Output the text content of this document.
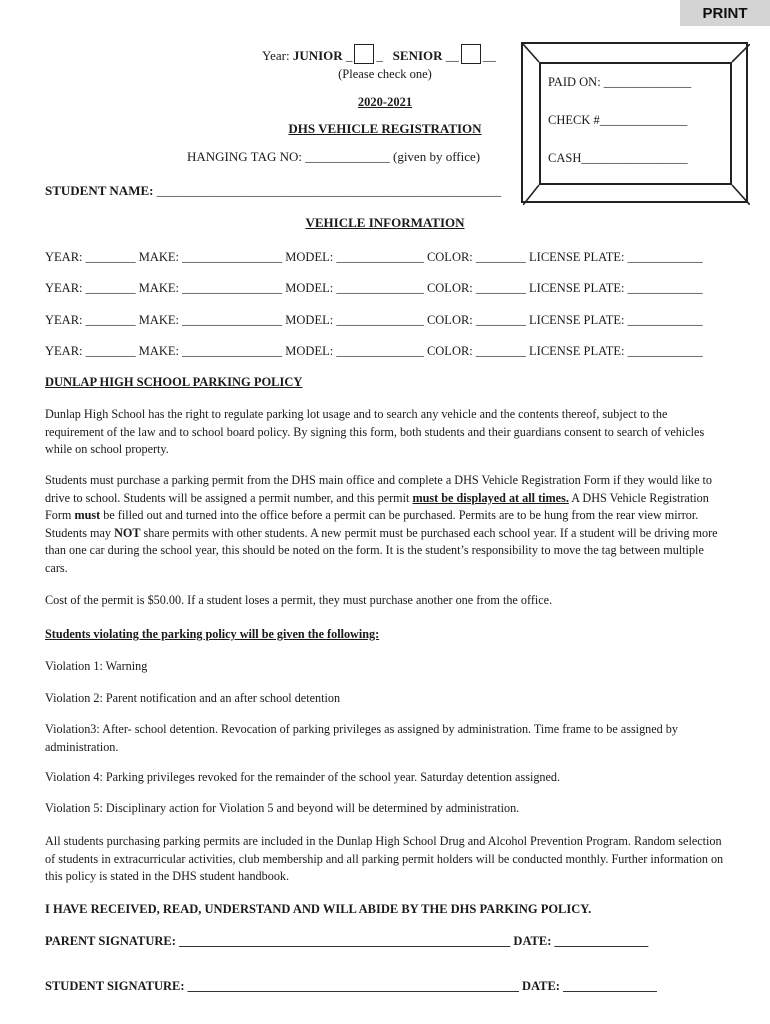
PRINT
Year: JUNIOR _ _ SENIOR __ __
(Please check one)
2020-2021
DHS VEHICLE REGISTRATION
HANGING TAG NO: _____________ (given by office)
PAID ON: ______________
CHECK #______________
CASH_________________
STUDENT NAME: _____________________________________________________
VEHICLE INFORMATION
YEAR: ________ MAKE: ________________ MODEL: ______________ COLOR: ________ LICENSE PLATE: ____________
YEAR: ________ MAKE: ________________ MODEL: ______________ COLOR: ________ LICENSE PLATE: ____________
YEAR: ________ MAKE: ________________ MODEL: ______________ COLOR: ________ LICENSE PLATE: ____________
YEAR: ________ MAKE: ________________ MODEL: ______________ COLOR: ________ LICENSE PLATE: ____________
DUNLAP HIGH SCHOOL PARKING POLICY
Dunlap High School has the right to regulate parking lot usage and to search any vehicle and the contents thereof, subject to the requirement of the law and to school board policy. By signing this form, both students and their guardians consent to search of vehicles while on school property.
Students must purchase a parking permit from the DHS main office and complete a DHS Vehicle Registration Form if they would like to drive to school. Students will be assigned a permit number, and this permit must be displayed at all times. A DHS Vehicle Registration Form must be filled out and turned into the office before a permit can be purchased. Permits are to be hung from the rear view mirror. Students may NOT share permits with other students. A new permit must be purchased each school year. If a student will be driving more than one car during the school year, this should be noted on the form. It is the student’s responsibility to move the tag between multiple cars.
Cost of the permit is $50.00. If a student loses a permit, they must purchase another one from the office.
Students violating the parking policy will be given the following:
Violation 1: Warning
Violation 2: Parent notification and an after school detention
Violation3: After- school detention. Revocation of parking privileges as assigned by administration. Time frame to be assigned by administration.
Violation 4: Parking privileges revoked for the remainder of the school year. Saturday detention assigned.
Violation 5: Disciplinary action for Violation 5 and beyond will be determined by administration.
All students purchasing parking permits are included in the Dunlap High School Drug and Alcohol Prevention Program. Random selection of students in extracurricular activities, club membership and all parking permit holders will be conducted monthly. Further information on this policy is stated in the DHS student handbook.
I HAVE RECEIVED, READ, UNDERSTAND AND WILL ABIDE BY THE DHS PARKING POLICY.
PARENT SIGNATURE: _____________________________________________________ DATE: _______________
STUDENT SIGNATURE: _____________________________________________________ DATE: _______________
